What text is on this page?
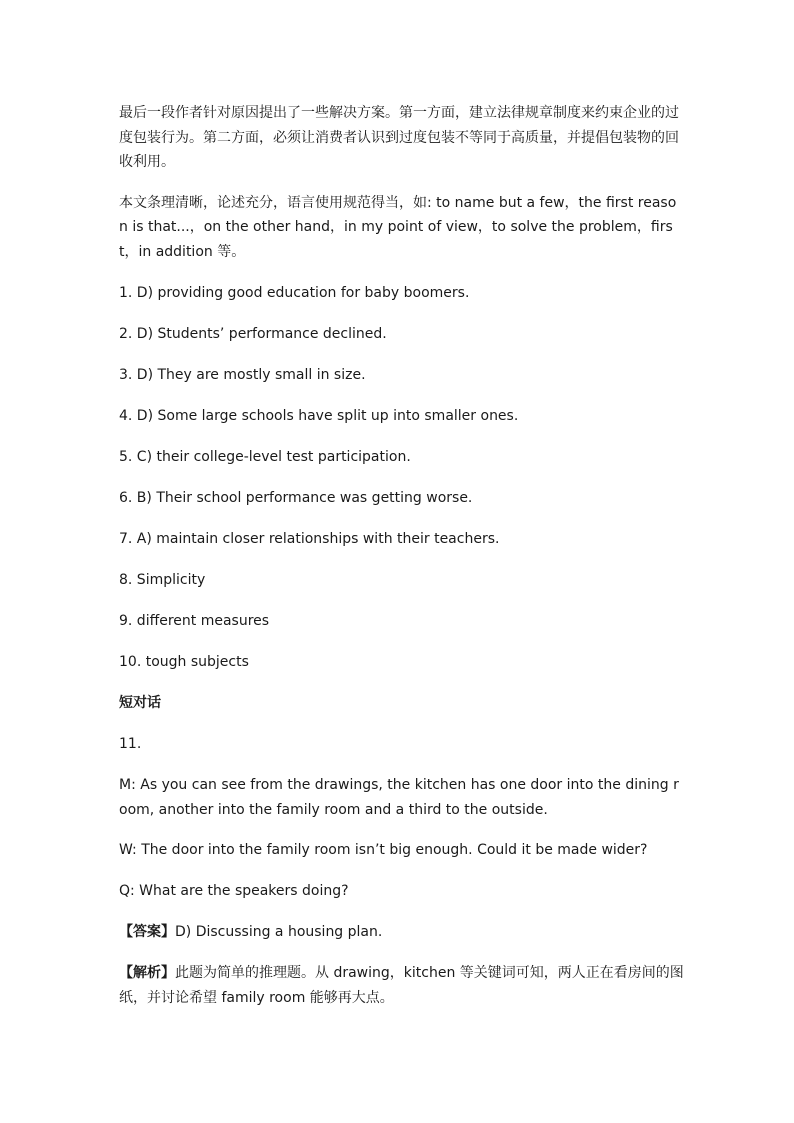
最后一段作者针对原因提出了一些解决方案。第一方面，建立法律规章制度来约束企业的过度包装行为。第二方面，必须让消费者认识到过度包装不等同于高质量，并提倡包装物的回收利用。

本文条理清晰，论述充分，语言使用规范得当，如: to name but a few，the first reason is that...，on the other hand，in my point of view，to solve the problem，first，in addition 等。

1. D) providing good education for baby boomers.

2. D) Students’ performance declined.

3. D) They are mostly small in size.

4. D) Some large schools have split up into smaller ones.

5. C) their college-level test participation.

6. B) Their school performance was getting worse.

7. A) maintain closer relationships with their teachers.

8. Simplicity

9. different measures

10. tough subjects

短对话

11.

M: As you can see from the drawings, the kitchen has one door into the dining room, another into the family room and a third to the outside.

W: The door into the family room isn’t big enough. Could it be made wider?

Q: What are the speakers doing?

【答案】D) Discussing a housing plan.

【解析】此题为简单的推理题。从 drawing，kitchen 等关键词可知，两人正在看房间的图纸，并讨论希望 family room 能够再大点。
